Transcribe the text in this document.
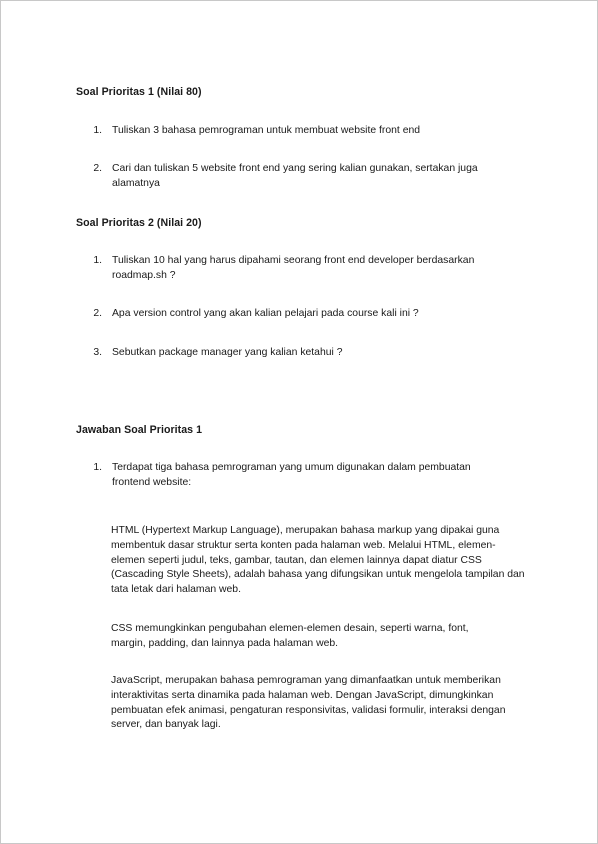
Soal Prioritas 1 (Nilai 80)

1. Tuliskan 3 bahasa pemrograman untuk membuat website front end
2. Cari dan tuliskan 5 website front end yang sering kalian gunakan, sertakan juga alamatnya

Soal Prioritas 2 (Nilai 20)

1. Tuliskan 10 hal yang harus dipahami seorang front end developer berdasarkan roadmap.sh ?
2. Apa version control yang akan kalian pelajari pada course kali ini ?
3. Sebutkan package manager yang kalian ketahui ?

Jawaban Soal Prioritas 1

1. Terdapat tiga bahasa pemrograman yang umum digunakan dalam pembuatan frontend website:

HTML (Hypertext Markup Language), merupakan bahasa markup yang dipakai guna membentuk dasar struktur serta konten pada halaman web. Melalui HTML, elemen-elemen seperti judul, teks, gambar, tautan, dan elemen lainnya dapat diatur CSS (Cascading Style Sheets), adalah bahasa yang difungsikan untuk mengelola tampilan dan tata letak dari halaman web.

CSS memungkinkan pengubahan elemen-elemen desain, seperti warna, font, margin, padding, dan lainnya pada halaman web.

JavaScript, merupakan bahasa pemrograman yang dimanfaatkan untuk memberikan interaktivitas serta dinamika pada halaman web. Dengan JavaScript, dimungkinkan pembuatan efek animasi, pengaturan responsivitas, validasi formulir, interaksi dengan server, dan banyak lagi.
